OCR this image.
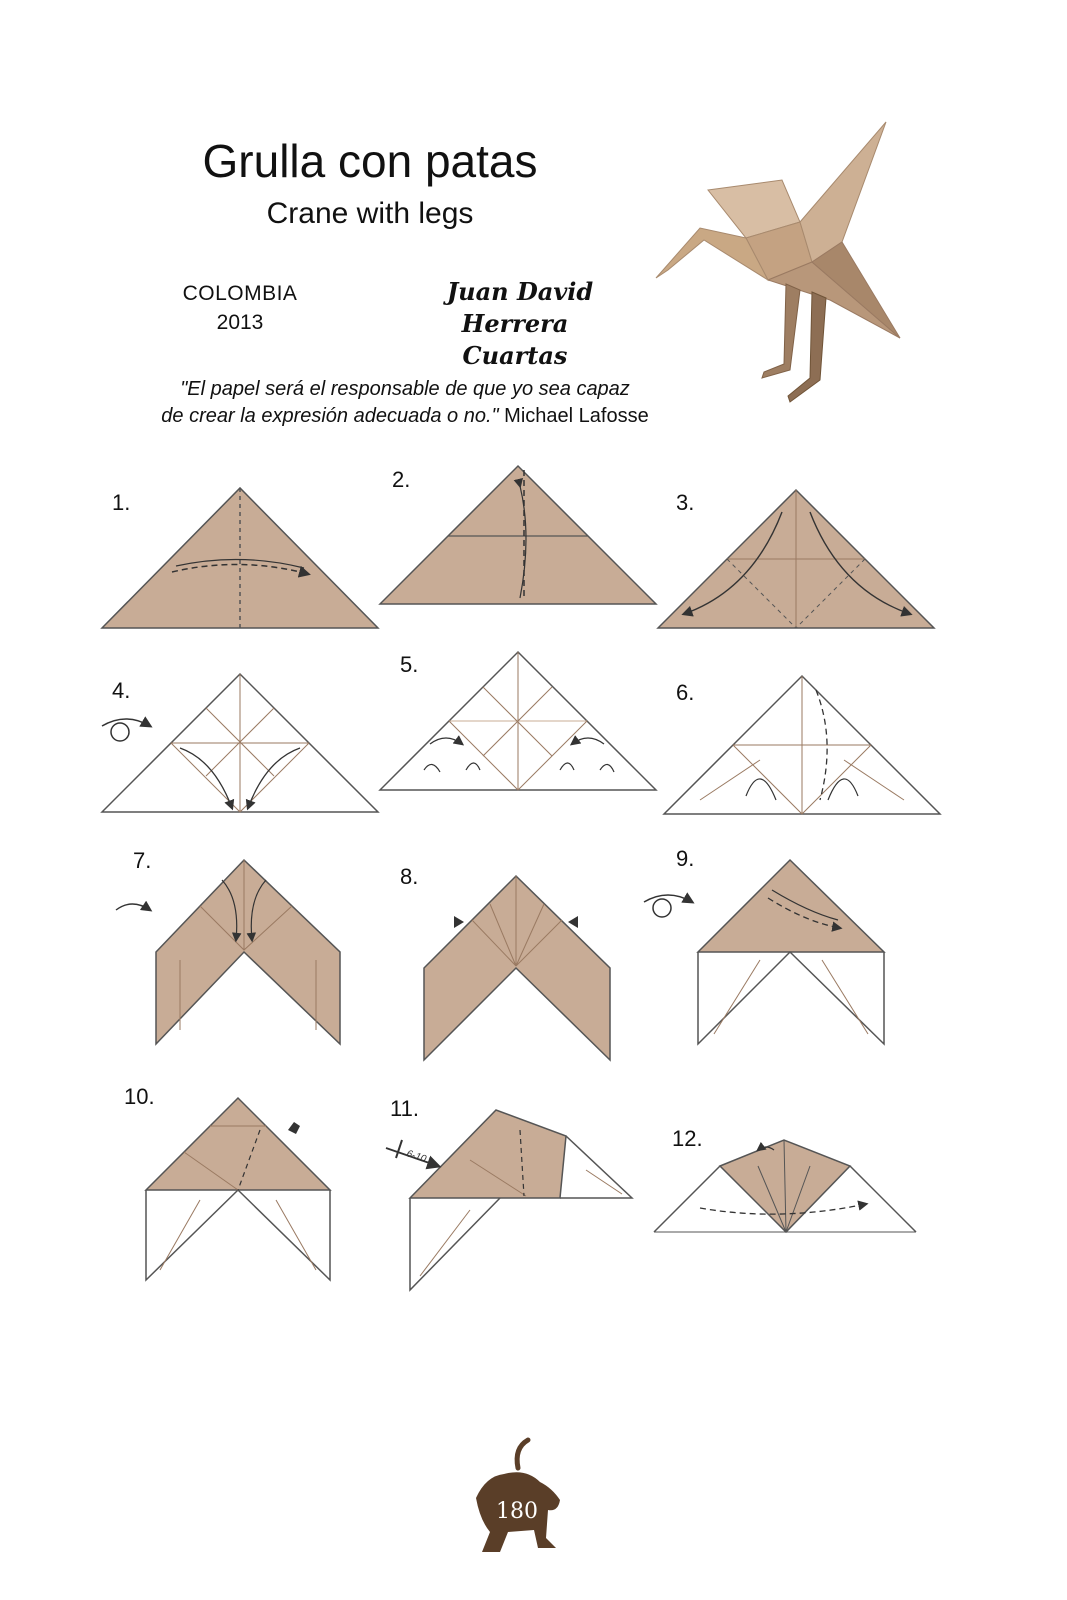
Grulla con patas
Crane with legs
COLOMBIA
2013
Juan David
Herrera Cuartas
"El papel será el responsable de que yo sea capaz
de crear la expresión adecuada o no." Michael Lafosse
1.
2.
3.
4.
5.
6.
7.
8.
9.
10.	11.
12.
6-10
180
